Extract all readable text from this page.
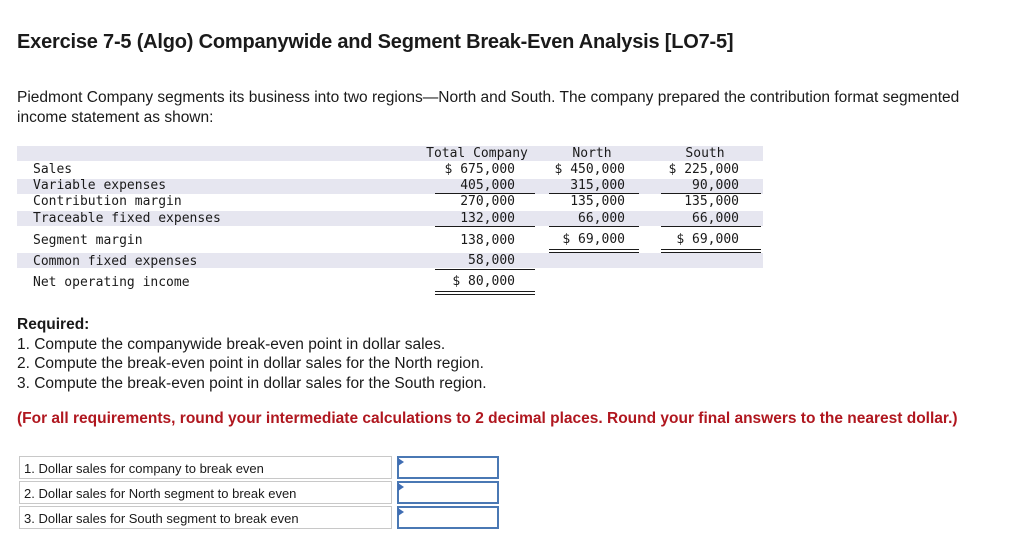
Exercise 7-5 (Algo) Companywide and Segment Break-Even Analysis [LO7-5]
Piedmont Company segments its business into two regions—North and South. The company prepared the contribution format segmented income statement as shown:
Total Company	North	South
Sales	$ 675,000	$ 450,000	$ 225,000
Variable expenses	405,000	315,000	90,000
Contribution margin	270,000	135,000	135,000
Traceable fixed expenses	132,000	66,000	66,000
Segment margin	138,000	$ 69,000	$ 69,000
Common fixed expenses	58,000
Net operating income	$ 80,000
Required:
1. Compute the companywide break-even point in dollar sales.
2. Compute the break-even point in dollar sales for the North region.
3. Compute the break-even point in dollar sales for the South region.
(For all requirements, round your intermediate calculations to 2 decimal places. Round your final answers to the nearest dollar.)
1. Dollar sales for company to break even
2. Dollar sales for North segment to break even
3. Dollar sales for South segment to break even
